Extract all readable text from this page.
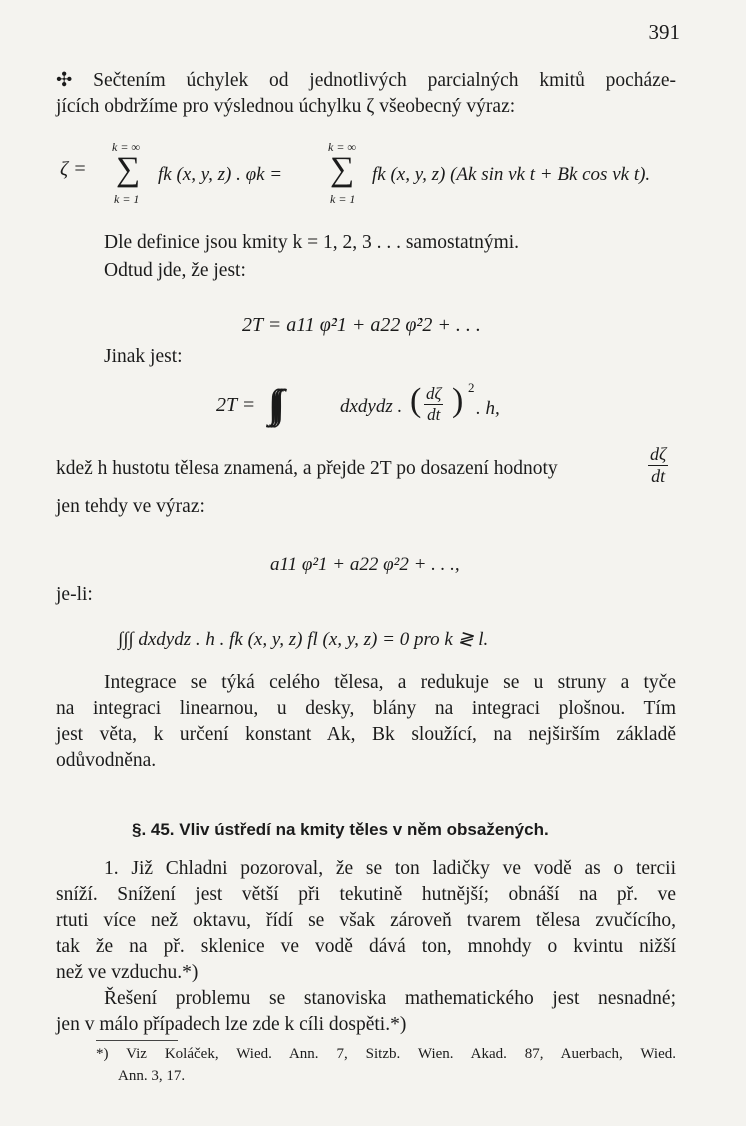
391
✣ Sečtením úchylek od jednotlivých parcialných kmitů pocháze-
jících obdržíme pro výslednou úchylku ζ všeobecný výraz:
ζ =
k = ∞
∑
k = 1
fk (x, y, z) . φk =
k = ∞
∑
k = 1
fk (x, y, z) (Ak sin νk t + Bk cos νk t).
Dle definice jsou kmity k = 1, 2, 3 . . . samostatnými.
Odtud jde, že jest:
2T = a11 φ̇²1 + a22 φ̇²2 + . . .
Jinak jest:
2T = ∫∫∫	dxdydz . ( $\frac{d\zeta}{dt}$ ) 2
. h,
kdež h hustotu tělesa znamená, a přejde 2T po dosazení hodnoty	$\frac{d\zeta}{dt}$
jen tehdy ve výraz:
a11 φ²1 + a22 φ²2 + . . .,
je-li:
∫∫∫ dxdydz . h . fk (x, y, z) fl (x, y, z) = 0 pro k ≷ l.
Integrace se týká celého tělesa, a redukuje se u struny a tyče
na integraci linearnou, u desky, blány na integraci plošnou. Tím
jest věta, k určení konstant Ak, Bk sloužící, na nejširším základě
odůvodněna.
§. 45. Vliv ústředí na kmity těles v něm obsažených.
1. Již Chladni pozoroval, že se ton ladičky ve vodě as o tercii
sníží. Snížení jest větší při tekutině hutnější; obnáší na př. ve
rtuti více než oktavu, řídí se však zároveň tvarem tělesa zvučícího,
tak že na př. sklenice ve vodě dává ton, mnohdy o kvintu nižší
než ve vzduchu.*)
Řešení problemu se stanoviska mathematického jest nesnadné;
jen v málo případech lze zde k cíli dospěti.*)
*) Viz Koláček, Wied. Ann. 7, Sitzb. Wien. Akad. 87, Auerbach, Wied.
Ann. 3, 17.
